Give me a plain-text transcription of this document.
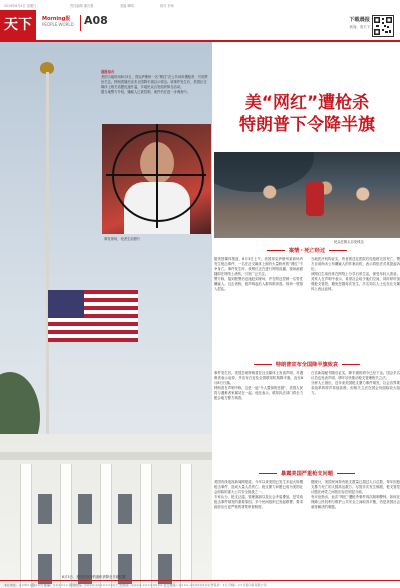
2019年8月4日 星期日	责任编辑 董自强	美编 卿明	校对 李杨
天下	Morning报
PEOPLE WORLD A08	下载晨报
新闻、看天下
晨报综合
美国当地时间8月3日，得克萨斯州一名“网红”在公共场所遭枪杀，引发舆论关注。特朗普随后宣布全国降半旗以示悼念。该事件发生后，美国社交媒体上相关话题迅速升温，多地民众自发组织悼念活动。
据当地警方介绍，嫌疑人已被控制，案件仍在进一步调查中。
事发现场，死者生前照片
美“网红”遭枪杀
特朗普下令降半旗
民众在街头自发悼念
案情・死亡经过
据美国媒体报道，8月3日上午，美国得克萨斯州某商场内发生枪击事件，一名在社交媒体上拥有大量粉丝的“网红”不幸身亡。事件发生时，该网红正在进行网络直播，现场画面随即在网络上流传，引发广泛关注。
警方称，接到报警后迅速赶到现场，并在附近控制一名男性嫌疑人。目击者称，枪声响起后人群四散奔逃，现场一度陷入混乱。
当地医疗机构证实，伤者被送往医院后经抢救无效死亡。警方目前尚未公布嫌疑人的作案动机，表示将依法对其提起诉讼。
该网红生前经常在网络上分享日常生活，深受年轻人喜爱。其家人在声明中表示，希望社会给予他们空间，同时呼吁加强枪支管控，避免悲剧再次发生。多名知名人士也在社交媒体上表达哀悼。
特朗普宣布全国降半旗致哀
事件发生后，美国总统特朗普在社交媒体上发表声明，对遇难者表示哀悼，并宣布白宫及全国联邦机构降半旗，直至8月8日日落。
特朗普在声明中称，这是一起“令人震惊的悲剧”，美国人民将与遇难者家属站在一起。他还表示，联邦执法部门将全力配合地方警方调查。
白宫新闻秘书随后证实，降半旗的命令已经下达。国会多名议员也发表声明，呼吁尽快推动枪支管理相关立法。
分析人士指出，近年来美国枪支暴力事件频发，社会各界要求改革的呼声持续高涨，但相关立法在国会仍面临较大阻力。
暴露美国严重枪支问题
美国有线电视新闻网报道，今年以来美国已发生多起大规模枪击事件，造成大量人员伤亡。枪支暴力问题已成为美国社会面临的重大公共安全挑战之一。
专家认为，枪支泛滥、管理漏洞以及社会矛盾叠加，是导致枪击事件频发的重要原因。多个民间组织已发起联署，要求政府出台更严格的背景审查制度。
据统计，美国民间持有枪支数量已超过人口总数，每年因枪支暴力死亡的人数高达数万。尽管多次发生惨剧，枪支管控议题在两党之间依旧存在明显分歧。
有评论指出，此次“网红”遭枪杀事件再次敲响警钟，如何在保障公民权利与维护公共安全之间取得平衡，仍是美国社会亟待解决的难题。
8月3日，美国白宫外的旗帜被降至半旗位置
本社地址：××市××路××号 邮编：×××××× 新闻热线：××××-×××××××× 广告热线：××××-×××××××× 发行热线：××××-×××××××× 零售价：1元 印刷：××日报印务有限公司
